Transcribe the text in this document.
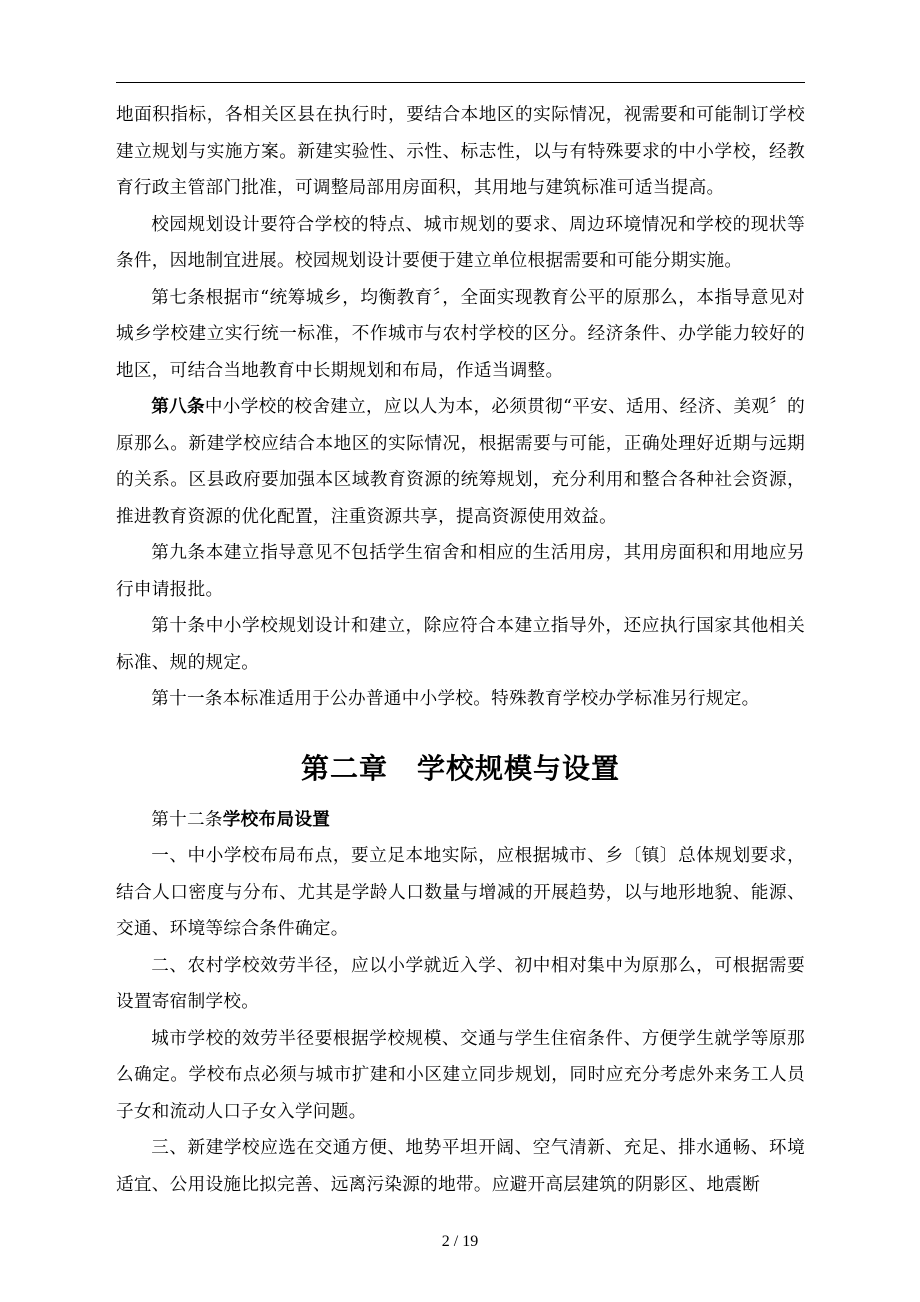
地面积指标，各相关区县在执行时，要结合本地区的实际情况，视需要和可能制订学校建立规划与实施方案。新建实验性、示性、标志性，以与有特殊要求的中小学校，经教育行政主管部门批准，可调整局部用房面积，其用地与建筑标准可适当提高。

校园规划设计要符合学校的特点、城市规划的要求、周边环境情况和学校的现状等条件，因地制宜进展。校园规划设计要便于建立单位根据需要和可能分期实施。

第七条根据市“统筹城乡，均衡教育〞，全面实现教育公平的原那么，本指导意见对城乡学校建立实行统一标准，不作城市与农村学校的区分。经济条件、办学能力较好的地区，可结合当地教育中长期规划和布局，作适当调整。

第八条中小学校的校舍建立，应以人为本，必须贯彻“平安、适用、经济、美观〞的原那么。新建学校应结合本地区的实际情况，根据需要与可能，正确处理好近期与远期的关系。区县政府要加强本区域教育资源的统筹规划，充分利用和整合各种社会资源，推进教育资源的优化配置，注重资源共享，提高资源使用效益。

第九条本建立指导意见不包括学生宿舍和相应的生活用房，其用房面积和用地应另行申请报批。

第十条中小学校规划设计和建立，除应符合本建立指导外，还应执行国家其他相关标准、规的规定。

第十一条本标准适用于公办普通中小学校。特殊教育学校办学标准另行规定。

第二章　学校规模与设置

第十二条学校布局设置

一、中小学校布局布点，要立足本地实际，应根据城市、乡〔镇〕总体规划要求，结合人口密度与分布、尤其是学龄人口数量与增减的开展趋势，以与地形地貌、能源、交通、环境等综合条件确定。

二、农村学校效劳半径，应以小学就近入学、初中相对集中为原那么，可根据需要设置寄宿制学校。

城市学校的效劳半径要根据学校规模、交通与学生住宿条件、方便学生就学等原那么确定。学校布点必须与城市扩建和小区建立同步规划，同时应充分考虑外来务工人员子女和流动人口子女入学问题。

三、新建学校应选在交通方便、地势平坦开阔、空气清新、充足、排水通畅、环境适宜、公用设施比拟完善、远离污染源的地带。应避开高层建筑的阴影区、地震断

2 / 19
